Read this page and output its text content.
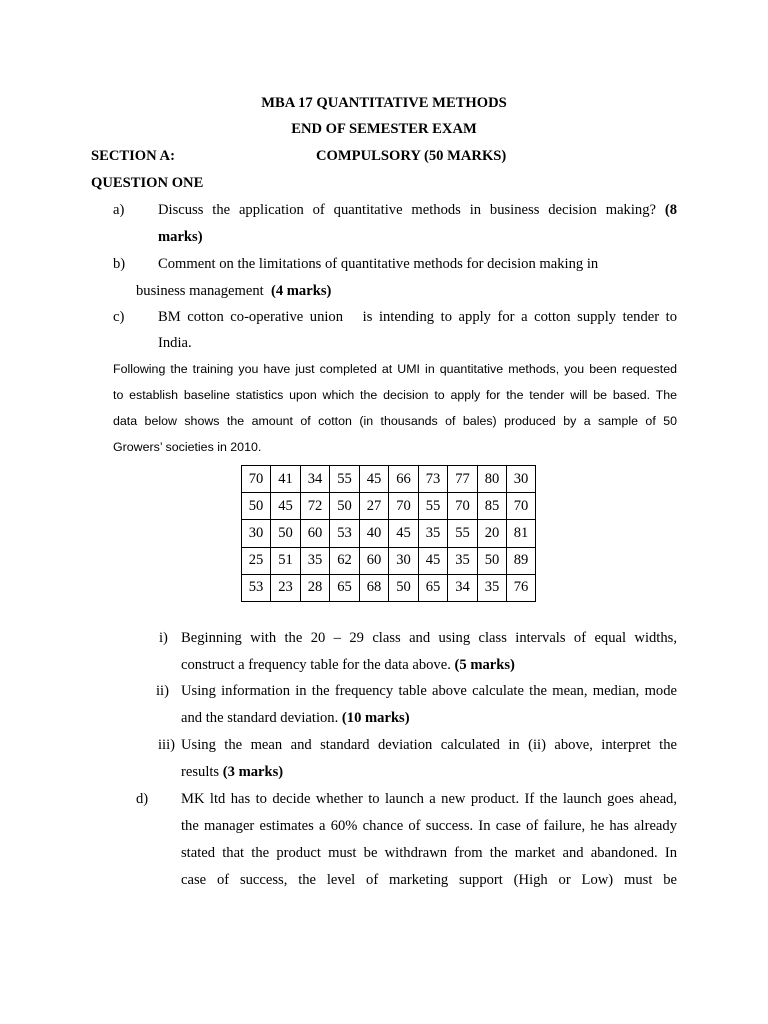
MBA 17 QUANTITATIVE METHODS
END OF SEMESTER EXAM
SECTION A:	COMPULSORY (50 MARKS)
QUESTION ONE
a) Discuss the application of quantitative methods in business decision making? (8
marks)
b) Comment on the limitations of quantitative methods for decision making in
business management (4 marks)
c) BM cotton co-operative union   is intending to apply for a cotton supply tender to
India.
Following the training you have just completed at UMI in quantitative methods, you been requested
to establish baseline statistics upon which the decision to apply for the tender will be based. The
data below shows the amount of cotton (in thousands of bales) produced by a sample of 50
Growers’ societies in 2010.
70	41	34	55	45	66	73	77	80	30
50	45	72	50	27	70	55	70	85	70
30	50	60	53	40	45	35	55	20	81
25	51	35	62	60	30	45	35	50	89
53	23	28	65	68	50	65	34	35	76
i) Beginning with the 20 – 29 class and using class intervals of equal widths,
construct a frequency table for the data above. (5 marks)
ii) Using information in the frequency table above calculate the mean, median, mode
and the standard deviation. (10 marks)
iii) Using the mean and standard deviation calculated in (ii) above, interpret the
results (3 marks)
d) MK ltd has to decide whether to launch a new product. If the launch goes ahead,
the manager estimates a 60% chance of success. In case of failure, he has already
stated that the product must be withdrawn from the market and abandoned. In
case of success, the level of marketing support (High or Low) must be
